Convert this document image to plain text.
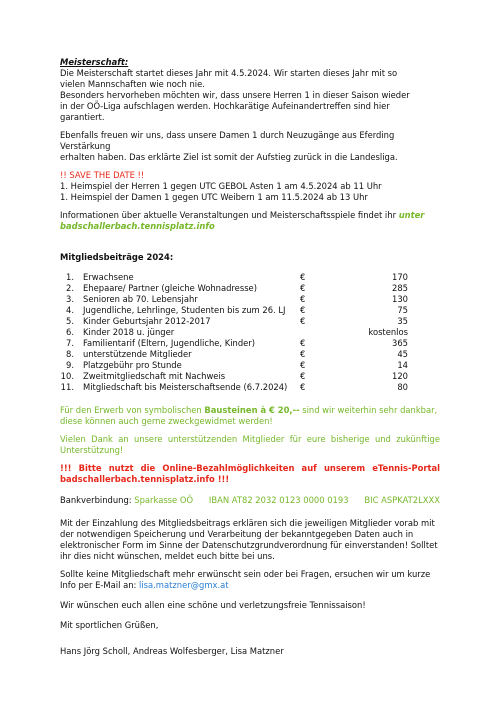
Meisterschaft:

Die Meisterschaft startet dieses Jahr mit 4.5.2024. Wir starten dieses Jahr mit so

vielen Mannschaften wie noch nie.

Besonders hervorheben möchten wir, dass unsere Herren 1 in dieser Saison wieder

in der OÖ-Liga aufschlagen werden. Hochkarätige Aufeinandertreffen sind hier

garantiert.

Ebenfalls freuen wir uns, dass unsere Damen 1 durch Neuzugänge aus Eferding Verstärkung

erhalten haben. Das erklärte Ziel ist somit der Aufstieg zurück in die Landesliga.

!! SAVE THE DATE !!

1. Heimspiel der Herren 1 gegen UTC GEBOL Asten 1 am 4.5.2024 ab 11 Uhr

1. Heimspiel der Damen 1 gegen UTC Weibern 1 am 11.5.2024 ab 13 Uhr

Informationen über aktuelle Veranstaltungen und Meisterschaftsspiele findet ihr unter
badschallerbach.tennisplatz.info

Mitgliedsbeiträge 2024:

1.	Erwachsene	€	170
2.	Ehepaare/ Partner (gleiche Wohnadresse)	€	285
3.	Senioren ab 70. Lebensjahr	€	130
4.	Jugendliche, Lehrlinge, Studenten bis zum 26. LJ	€	75
5.	Kinder Geburtsjahr 2012-2017	€	35
6.	Kinder 2018 u. jünger		kostenlos
7.	Familientarif (Eltern, Jugendliche, Kinder)	€	365
8.	unterstützende Mitglieder	€	45
9.	Platzgebühr pro Stunde	€	14
10.	Zweitmitgliedschaft mit Nachweis	€	120
11.	Mitgliedschaft bis Meisterschaftsende (6.7.2024)	€	80

Für den Erwerb von symbolischen Bausteinen à € 20,-- sind wir weiterhin sehr dankbar, diese können auch gerne zweckgewidmet werden!

Vielen Dank an unsere unterstützenden Mitglieder für eure bisherige und zukünftige Unterstützung!

!!! Bitte nutzt die Online-Bezahlmöglichkeiten auf unserem eTennis-Portal badschallerbach.tennisplatz.info !!!

Bankverbindung: Sparkasse OÖ IBAN AT82 2032 0123 0000 0193 BIC ASPKAT2LXXX

Mit der Einzahlung des Mitgliedsbeitrags erklären sich die jeweiligen Mitglieder vorab mit der notwendigen Speicherung und Verarbeitung der bekanntgegeben Daten auch in elektronischer Form im Sinne der Datenschutzgrundverordnung für einverstanden! Solltet ihr dies nicht wünschen, meldet euch bitte bei uns.

Sollte keine Mitgliedschaft mehr erwünscht sein oder bei Fragen, ersuchen wir um kurze Info per E-Mail an: lisa.matzner@gmx.at

Wir wünschen euch allen eine schöne und verletzungsfreie Tennissaison!

Mit sportlichen Grüßen,

Hans Jörg Scholl, Andreas Wolfesberger, Lisa Matzner
